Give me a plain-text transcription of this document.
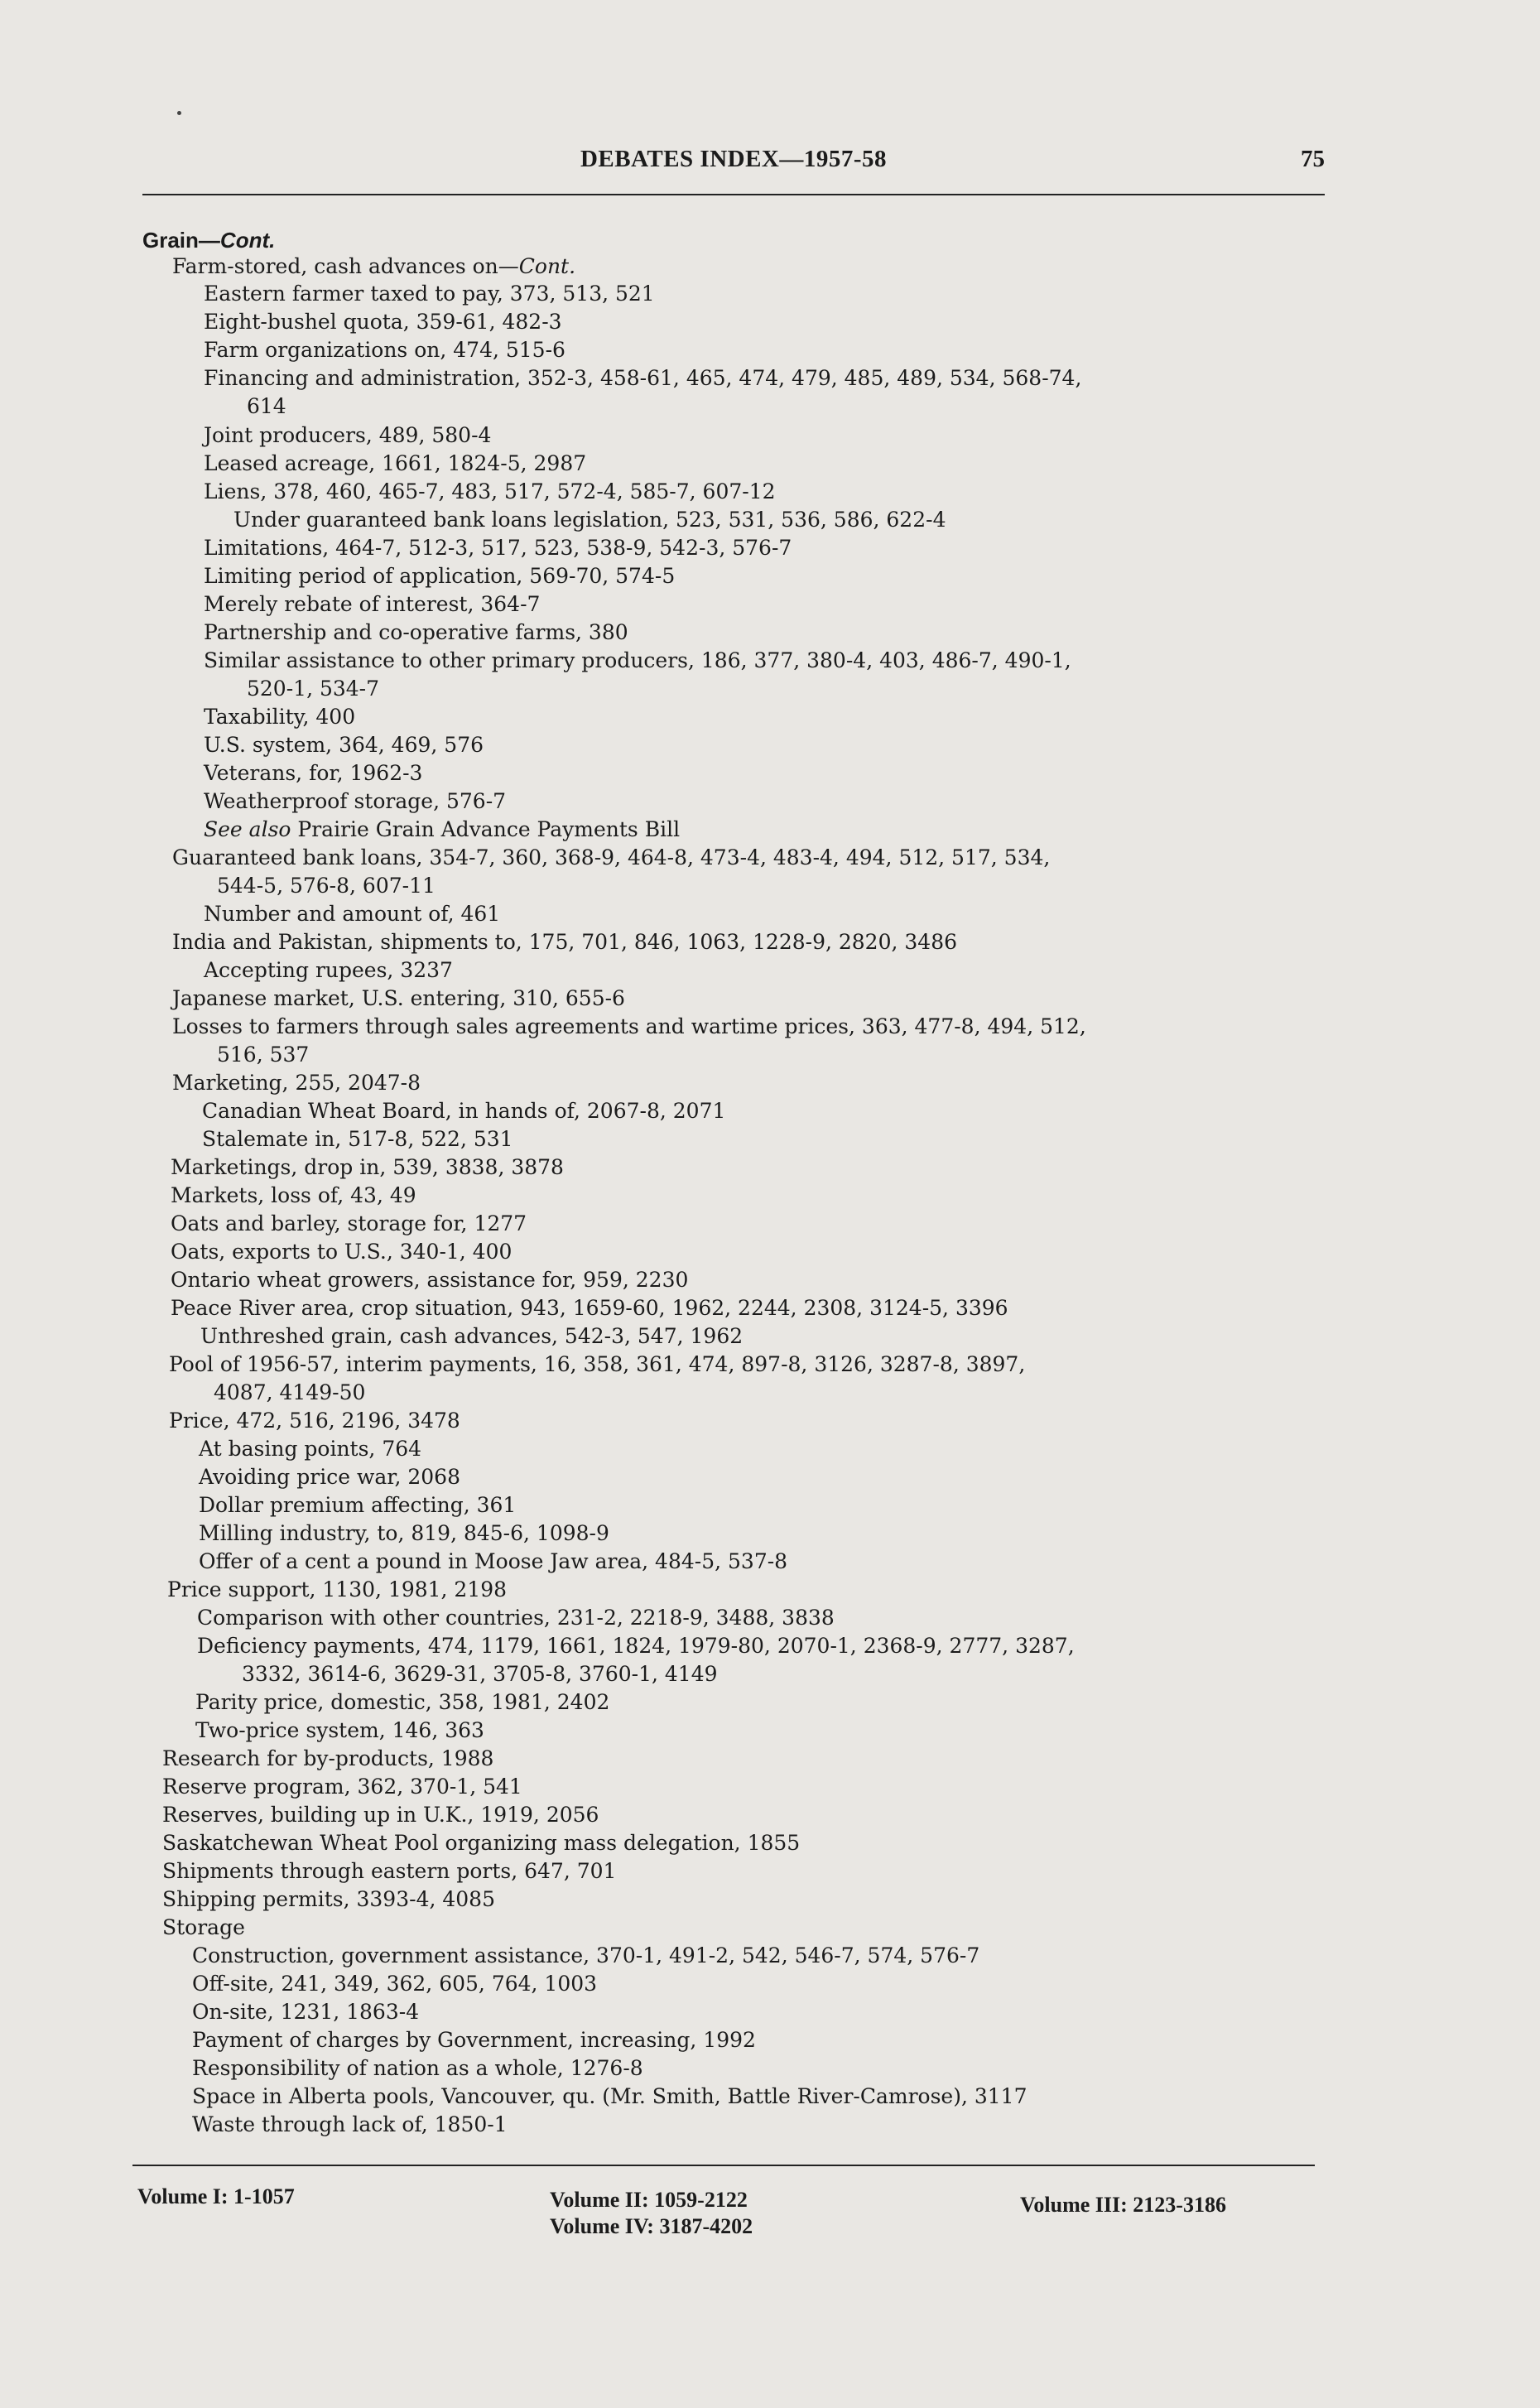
DEBATES INDEX—1957-58	75
Grain—Cont.
Farm-stored, cash advances on—Cont.
Eastern farmer taxed to pay, 373, 513, 521
Eight-bushel quota, 359-61, 482-3
Farm organizations on, 474, 515-6
Financing and administration, 352-3, 458-61, 465, 474, 479, 485, 489, 534, 568-74,
614
Joint producers, 489, 580-4
Leased acreage, 1661, 1824-5, 2987
Liens, 378, 460, 465-7, 483, 517, 572-4, 585-7, 607-12
Under guaranteed bank loans legislation, 523, 531, 536, 586, 622-4
Limitations, 464-7, 512-3, 517, 523, 538-9, 542-3, 576-7
Limiting period of application, 569-70, 574-5
Merely rebate of interest, 364-7
Partnership and co-operative farms, 380
Similar assistance to other primary producers, 186, 377, 380-4, 403, 486-7, 490-1,
520-1, 534-7
Taxability, 400
U.S. system, 364, 469, 576
Veterans, for, 1962-3
Weatherproof storage, 576-7
See also Prairie Grain Advance Payments Bill
Guaranteed bank loans, 354-7, 360, 368-9, 464-8, 473-4, 483-4, 494, 512, 517, 534,
544-5, 576-8, 607-11
Number and amount of, 461
India and Pakistan, shipments to, 175, 701, 846, 1063, 1228-9, 2820, 3486
Accepting rupees, 3237
Japanese market, U.S. entering, 310, 655-6
Losses to farmers through sales agreements and wartime prices, 363, 477-8, 494, 512,
516, 537
Marketing, 255, 2047-8
Canadian Wheat Board, in hands of, 2067-8, 2071
Stalemate in, 517-8, 522, 531
Marketings, drop in, 539, 3838, 3878
Markets, loss of, 43, 49
Oats and barley, storage for, 1277
Oats, exports to U.S., 340-1, 400
Ontario wheat growers, assistance for, 959, 2230
Peace River area, crop situation, 943, 1659-60, 1962, 2244, 2308, 3124-5, 3396
Unthreshed grain, cash advances, 542-3, 547, 1962
Pool of 1956-57, interim payments, 16, 358, 361, 474, 897-8, 3126, 3287-8, 3897,
4087, 4149-50
Price, 472, 516, 2196, 3478
At basing points, 764
Avoiding price war, 2068
Dollar premium affecting, 361
Milling industry, to, 819, 845-6, 1098-9
Offer of a cent a pound in Moose Jaw area, 484-5, 537-8
Price support, 1130, 1981, 2198
Comparison with other countries, 231-2, 2218-9, 3488, 3838
Deficiency payments, 474, 1179, 1661, 1824, 1979-80, 2070-1, 2368-9, 2777, 3287,
3332, 3614-6, 3629-31, 3705-8, 3760-1, 4149
Parity price, domestic, 358, 1981, 2402
Two-price system, 146, 363
Research for by-products, 1988
Reserve program, 362, 370-1, 541
Reserves, building up in U.K., 1919, 2056
Saskatchewan Wheat Pool organizing mass delegation, 1855
Shipments through eastern ports, 647, 701
Shipping permits, 3393-4, 4085
Storage
Construction, government assistance, 370-1, 491-2, 542, 546-7, 574, 576-7
Off-site, 241, 349, 362, 605, 764, 1003
On-site, 1231, 1863-4
Payment of charges by Government, increasing, 1992
Responsibility of nation as a whole, 1276-8
Space in Alberta pools, Vancouver, qu. (Mr. Smith, Battle River-Camrose), 3117
Waste through lack of, 1850-1
Volume I: 1-1057	Volume II: 1059-2122
Volume IV: 3187-4202
Volume III: 2123-3186
